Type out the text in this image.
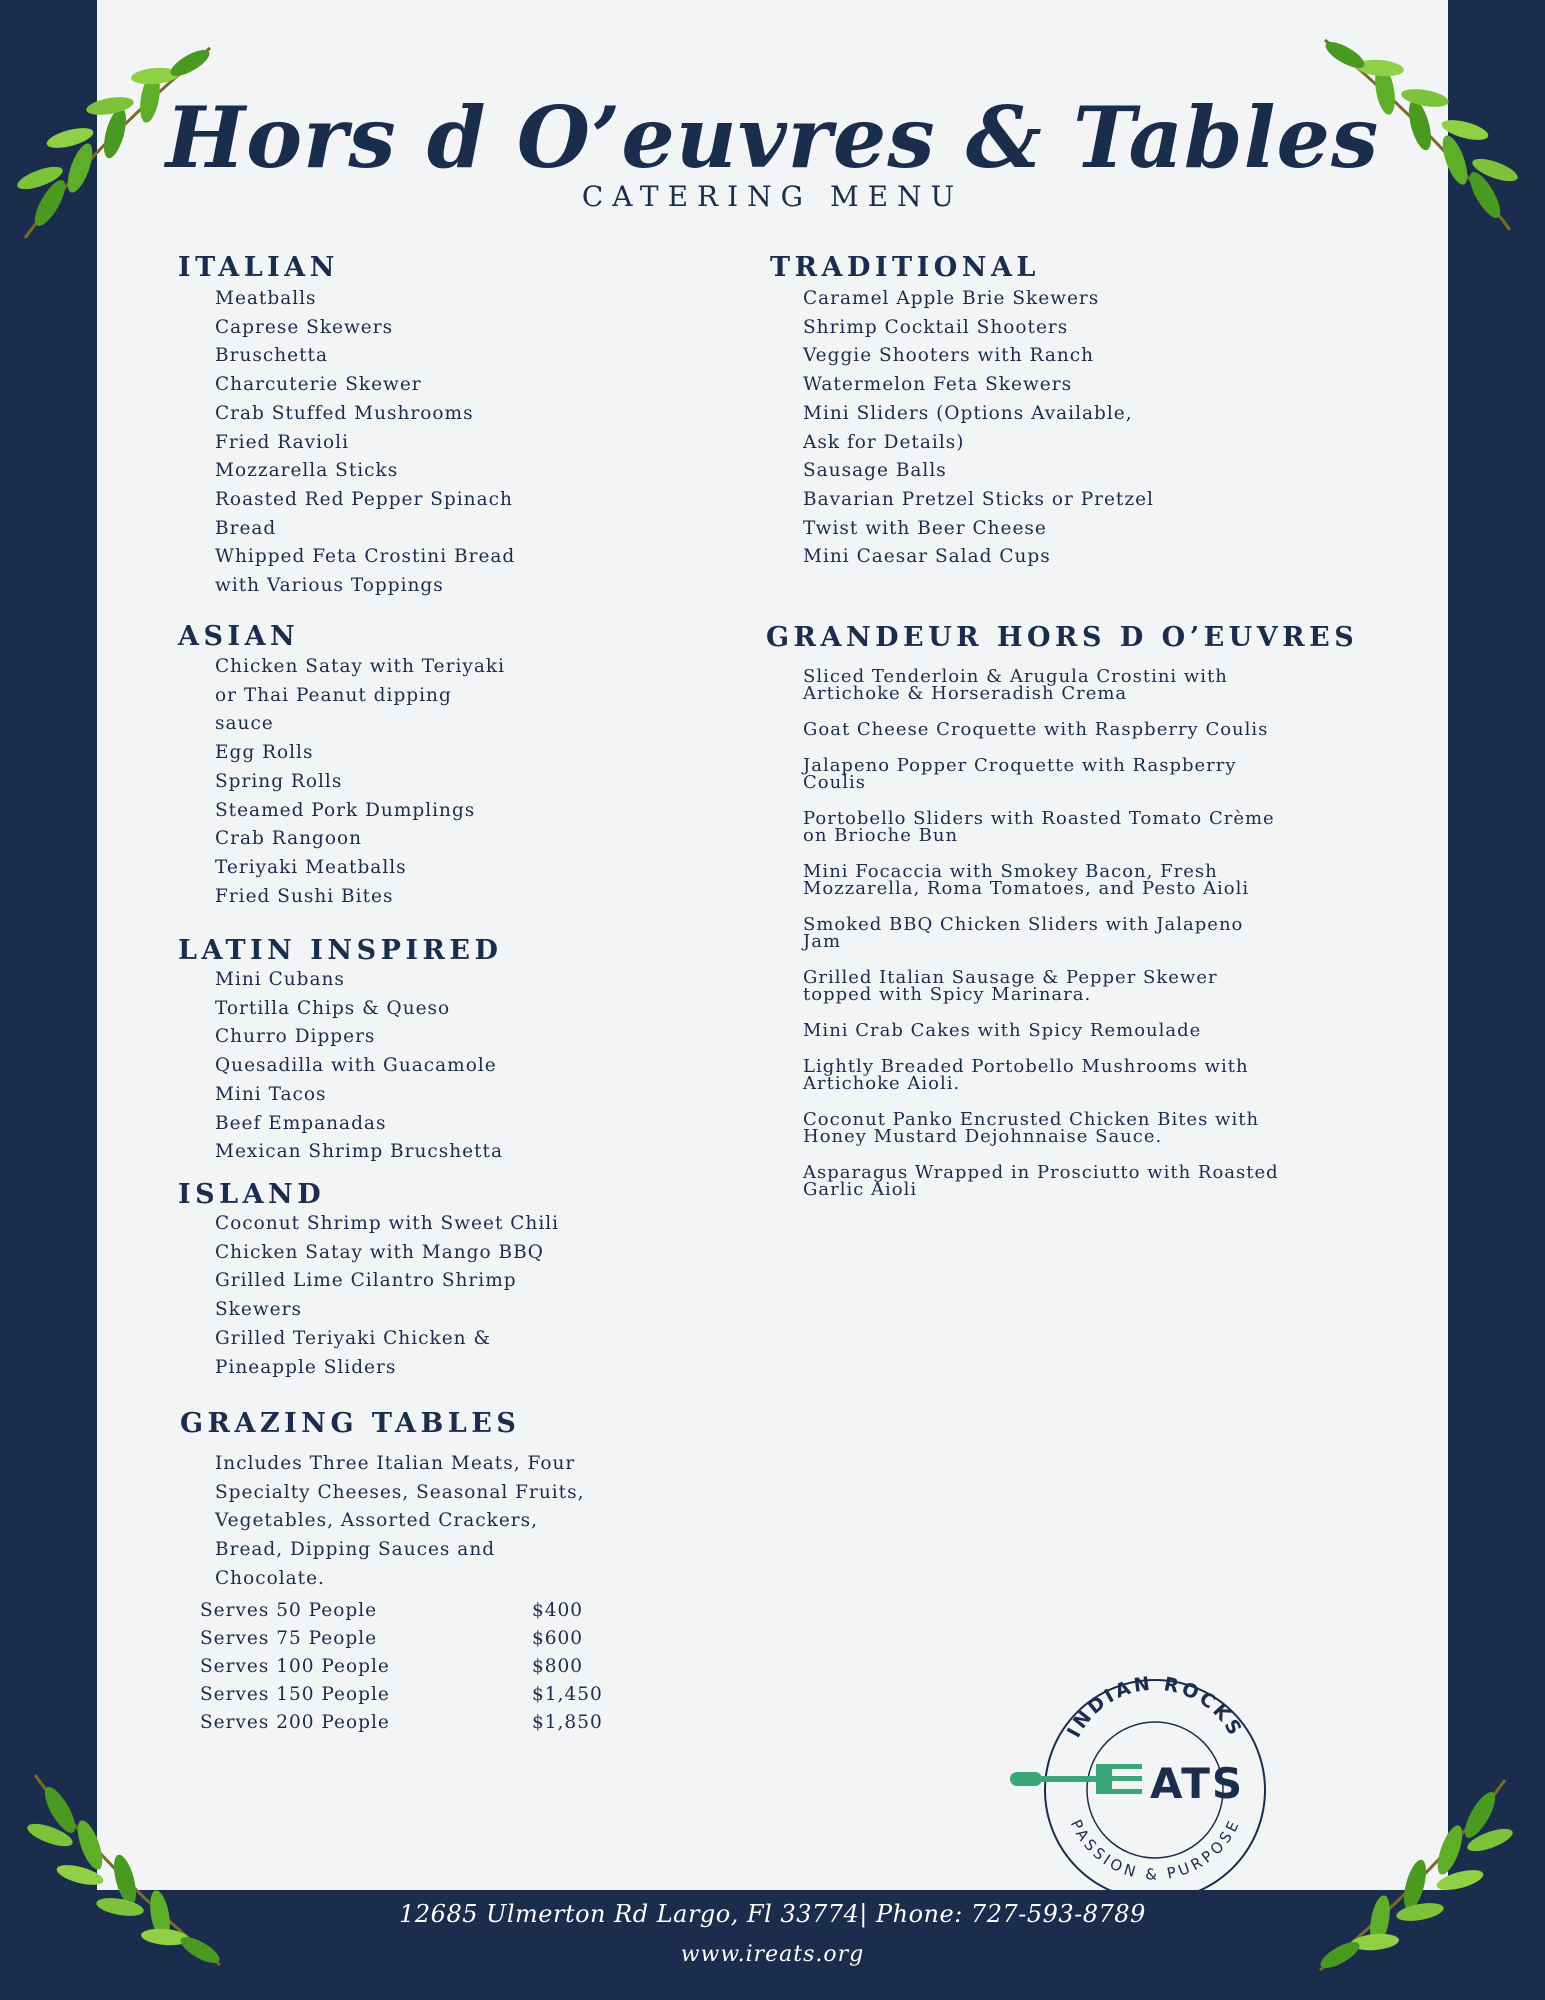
Hors d O’euvres & Tables
CATERING MENU
ITALIAN
Meatballs
Caprese Skewers
Bruschetta
Charcuterie Skewer
Crab Stuffed Mushrooms
Fried Ravioli
Mozzarella Sticks
Roasted Red Pepper Spinach
Bread
Whipped Feta Crostini Bread
with Various Toppings
ASIAN
Chicken Satay with Teriyaki
or Thai Peanut dipping
sauce
Egg Rolls
Spring Rolls
Steamed Pork Dumplings
Crab Rangoon
Teriyaki Meatballs
Fried Sushi Bites
LATIN INSPIRED
Mini Cubans
Tortilla Chips & Queso
Churro Dippers
Quesadilla with Guacamole
Mini Tacos
Beef Empanadas
Mexican Shrimp Brucshetta
ISLAND
Coconut Shrimp with Sweet Chili
Chicken Satay with Mango BBQ
Grilled Lime Cilantro Shrimp
Skewers
Grilled Teriyaki Chicken &
Pineapple Sliders
GRAZING TABLES
Includes Three Italian Meats, Four
Specialty Cheeses, Seasonal Fruits,
Vegetables, Assorted Crackers,
Bread, Dipping Sauces and
Chocolate.
Serves 50 People	$400
Serves 75 People	$600
Serves 100 People	$800
Serves 150 People	$1,450
Serves 200 People	$1,850
TRADITIONAL
Caramel Apple Brie Skewers
Shrimp Cocktail Shooters
Veggie Shooters with Ranch
Watermelon Feta Skewers
Mini Sliders (Options Available,
Ask for Details)
Sausage Balls
Bavarian Pretzel Sticks or Pretzel
Twist with Beer Cheese
Mini Caesar Salad Cups
GRANDEUR HORS D O’EUVRES
Sliced Tenderloin & Arugula Crostini with
Artichoke & Horseradish Crema
Goat Cheese Croquette with Raspberry Coulis
Jalapeno Popper Croquette with Raspberry
Coulis
Portobello Sliders with Roasted Tomato Crème
on Brioche Bun
Mini Focaccia with Smokey Bacon, Fresh
Mozzarella, Roma Tomatoes, and Pesto Aioli
Smoked BBQ Chicken Sliders with Jalapeno
Jam
Grilled Italian Sausage & Pepper Skewer
topped with Spicy Marinara.
Mini Crab Cakes with Spicy Remoulade
Lightly Breaded Portobello Mushrooms with
Artichoke Aioli.
Coconut Panko Encrusted Chicken Bites with
Honey Mustard Dejohnnaise Sauce.
Asparagus Wrapped in Prosciutto with Roasted
Garlic Aioli
INDIAN ROCKS
PASSION & PURPOSE
ATS
12685 Ulmerton Rd Largo, Fl 33774| Phone: 727-593-8789
www.ireats.org
